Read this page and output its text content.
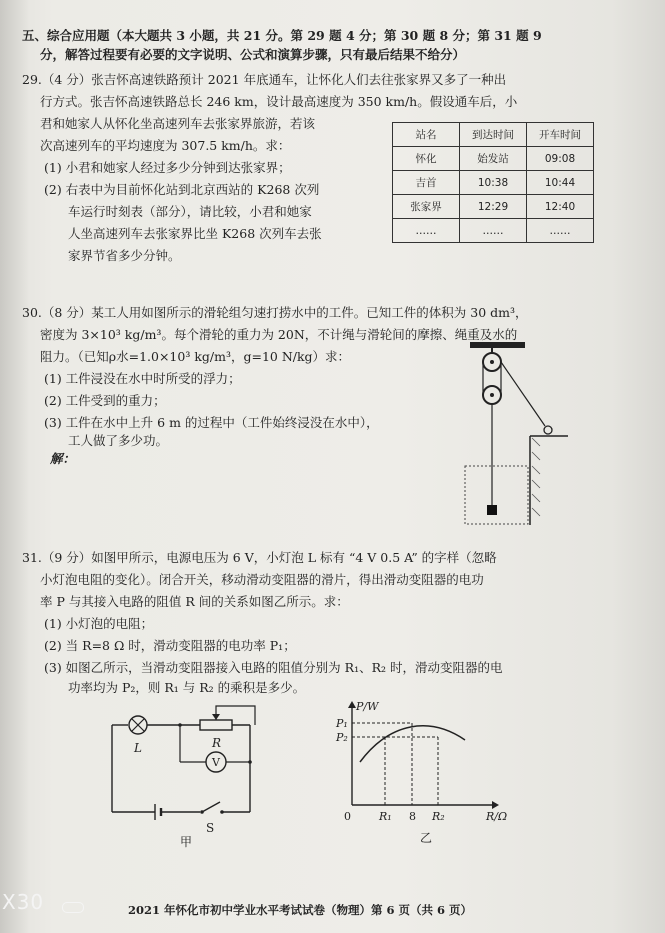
五、综合应用题（本大题共 3 小题，共 21 分。第 29 题 4 分；第 30 题 8 分；第 31 题 9
分，解答过程要有必要的文字说明、公式和演算步骤，只有最后结果不给分）
29.（4 分）张吉怀高速铁路预计 2021 年底通车，让怀化人们去往张家界又多了一种出
行方式。张吉怀高速铁路总长 246 km，设计最高速度为 350 km/h。假设通车后，小
君和她家人从怀化坐高速列车去张家界旅游，若该
次高速列车的平均速度为 307.5 km/h。求：
(1) 小君和她家人经过多少分钟到达张家界；
(2) 右表中为目前怀化站到北京西站的 K268 次列
车运行时刻表（部分），请比较，小君和她家
人坐高速列车去张家界比坐 K268 次列车去张
家界节省多少分钟。
站名	到达时间	开车时间
怀化	始发站	09:08
吉首	10:38	10:44
张家界	12:29	12:40
……	……	……
30.（8 分）某工人用如图所示的滑轮组匀速打捞水中的工件。已知工件的体积为 30 dm³，
密度为 3×10³ kg/m³。每个滑轮的重力为 20N，不计绳与滑轮间的摩擦、绳重及水的
阻力。（已知ρ水=1.0×10³ kg/m³，g=10 N/kg）求：
(1) 工件浸没在水中时所受的浮力；
(2) 工件受到的重力；
(3) 工件在水中上升 6 m 的过程中（工件始终浸没在水中），
工人做了多少功。
解：
31.（9 分）如图甲所示，电源电压为 6 V，小灯泡 L 标有 “4 V 0.5 A” 的字样（忽略
小灯泡电阻的变化）。闭合开关，移动滑动变阻器的滑片，得出滑动变阻器的电功
率 P 与其接入电路的阻值 R 间的关系如图乙所示。求：
(1) 小灯泡的电阻；
(2) 当 R=8 Ω 时，滑动变阻器的电功率 P₁；
(3) 如图乙所示，当滑动变阻器接入电路的阻值分别为 R₁、R₂ 时，滑动变阻器的电
功率均为 P₂，则 R₁ 与 R₂ 的乘积是多少。
L	R
V
S
甲
P/W
P₁
P₂
0	R₁ 8 R₂	R/Ω
乙
2021 年怀化市初中学业水平考试试卷（物理）第 6 页（共 6 页）
X30
